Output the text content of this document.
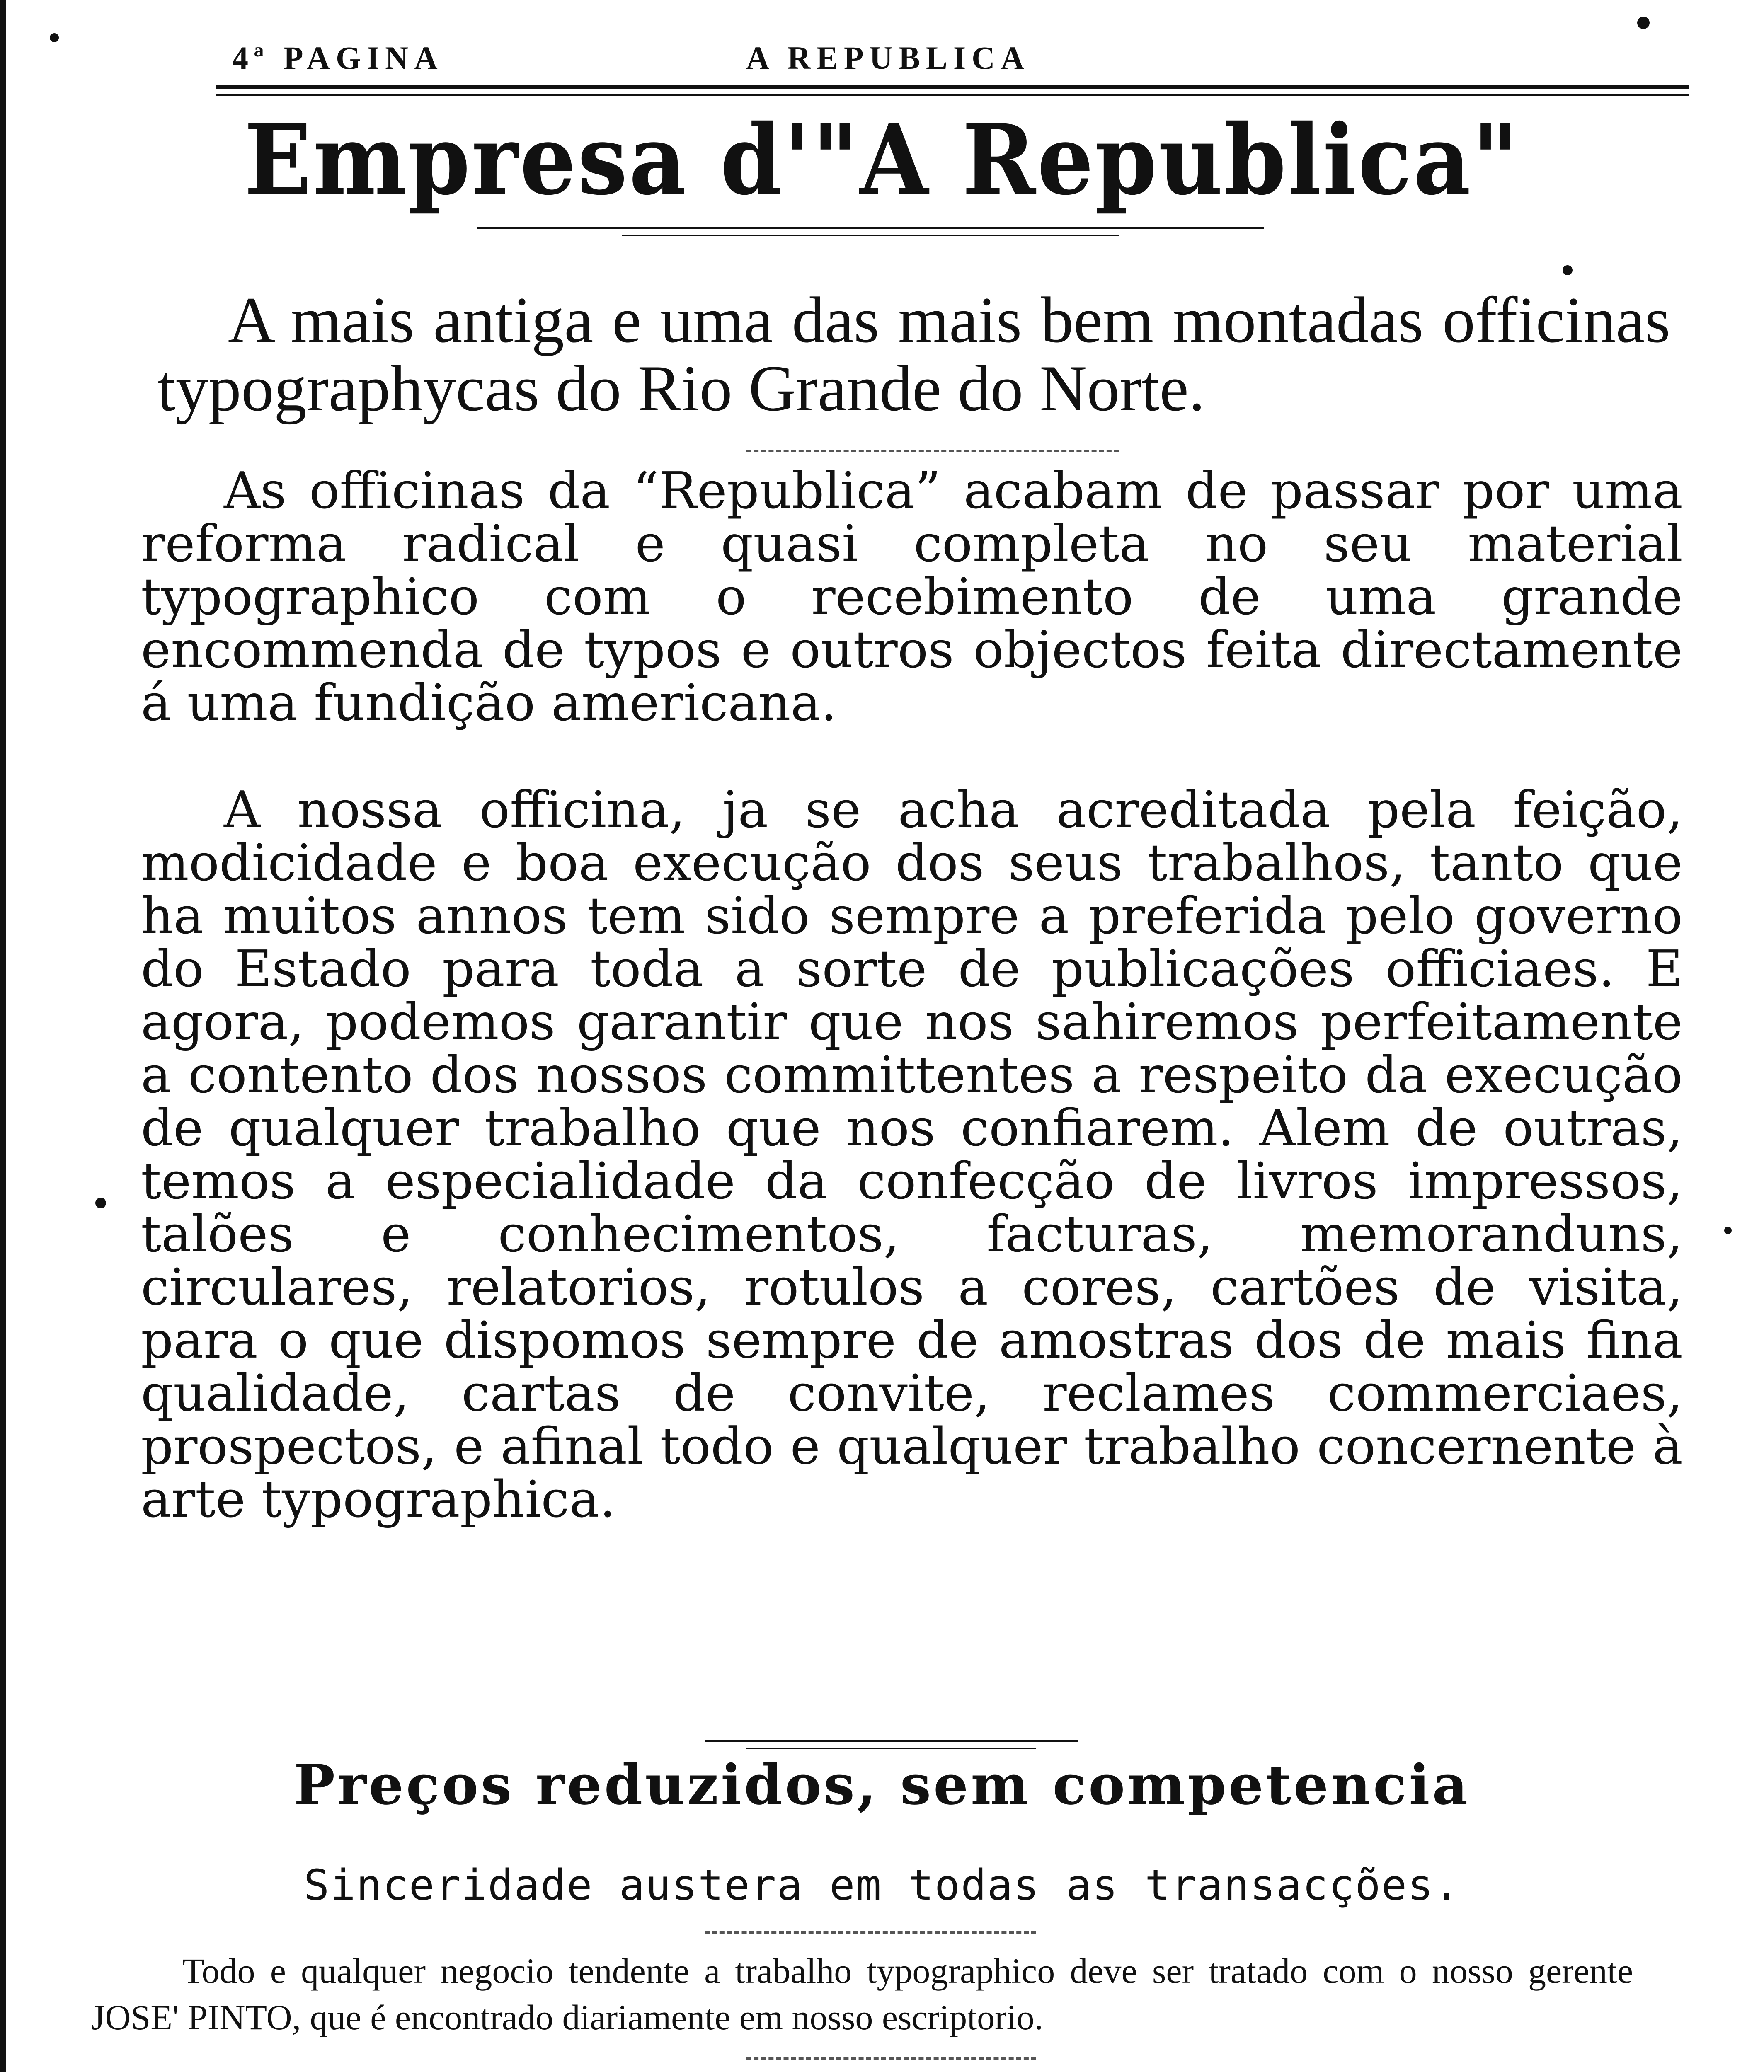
4ª PAGINA	A REPUBLICA
Empresa d'"A Republica"
A mais antiga e uma das mais bem montadas officinas typographycas do Rio Grande do Norte.

As officinas da “Republica” acabam de passar por uma reforma radical e quasi completa no seu material typographico com o recebimento de uma grande encommenda de typos e outros objectos feita directamente á uma fundição americana.

A nossa officina, ja se acha acreditada pela feição, modicidade e boa execução dos seus trabalhos, tanto que ha muitos annos tem sido sempre a preferida pelo governo do Estado para toda a sorte de publicações officiaes. E agora, podemos garantir que nos sahiremos perfeitamente a contento dos nossos committentes a respeito da execução de qualquer trabalho que nos confiarem. Alem de outras, temos a especialidade da confecção de livros impressos, talões e conhecimentos, facturas, memoranduns, circulares, relatorios, rotulos a cores, cartões de visita, para o que dispomos sempre de amostras dos de mais fina qualidade, cartas de convite, reclames commerciaes, prospectos, e afinal todo e qualquer trabalho concernente à arte typographica.

Preços reduzidos, sem competencia
Sinceridade austera em todas as transacções.
Todo e qualquer negocio tendente a trabalho typographico deve ser tratado com o nosso gerente JOSE' PINTO, que é encontrado diariamente em nosso escriptorio.
